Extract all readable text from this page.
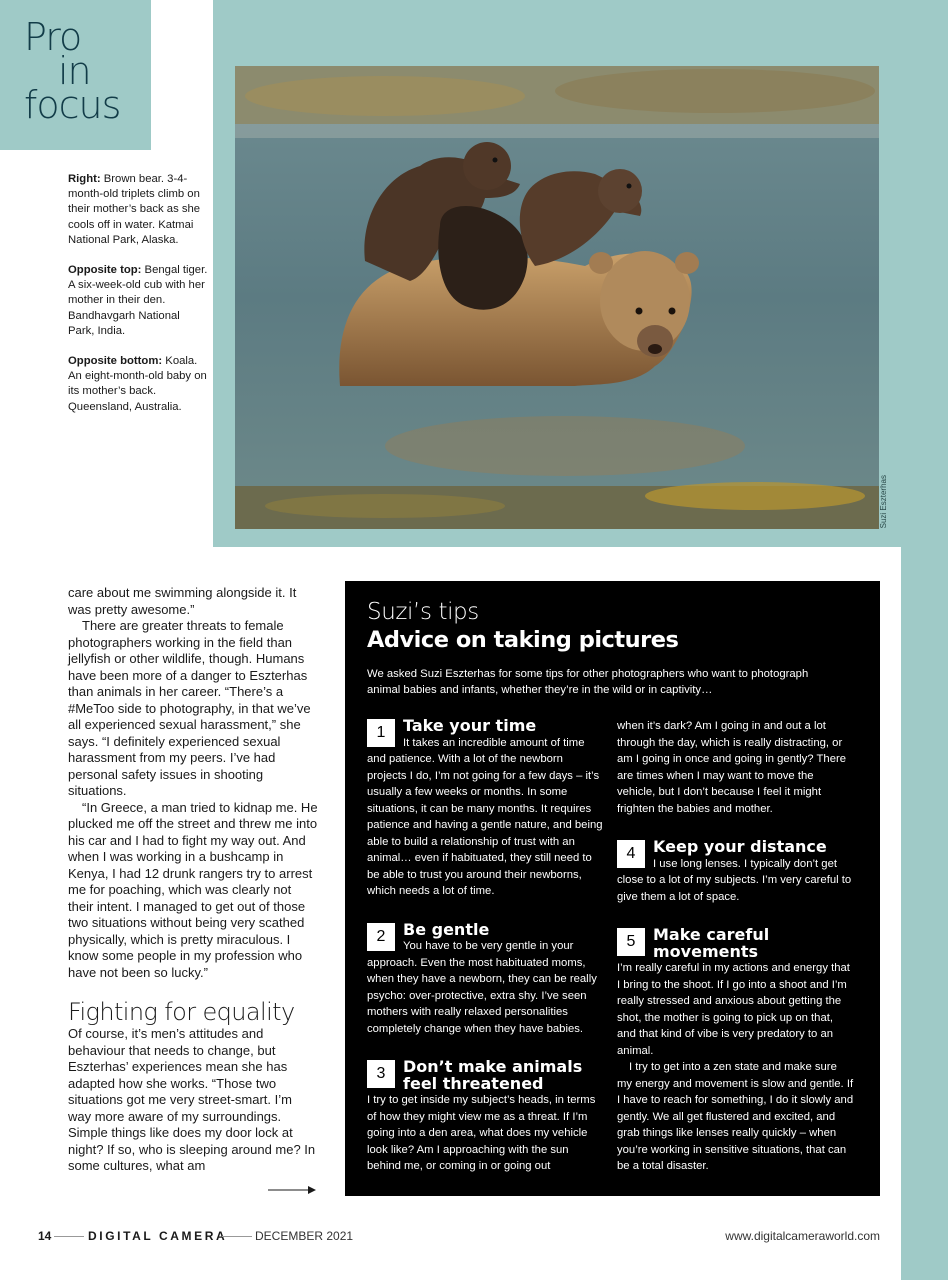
Pro
in
focus
Suzi Eszterhas

Right: Brown bear. 3-4-month-old triplets climb on their mother’s back as she cools off in water. Katmai National Park, Alaska.

Opposite top: Bengal tiger. A six-week-old cub with her mother in their den. Bandhavgarh National Park, India.

Opposite bottom: Koala. An eight-month-old baby on its mother’s back. Queensland, Australia.

care about me swimming alongside it. It was pretty awesome.”

There are greater threats to female photographers working in the field than jellyfish or other wildlife, though. Humans have been more of a danger to Eszterhas than animals in her career. “There’s a #MeToo side to photography, in that we’ve all experienced sexual harassment,” she says. “I definitely experienced sexual harassment from my peers. I’ve had personal safety issues in shooting situations.

“In Greece, a man tried to kidnap me. He plucked me off the street and threw me into his car and I had to fight my way out. And when I was working in a bushcamp in Kenya, I had 12 drunk rangers try to arrest me for poaching, which was clearly not their intent. I managed to get out of those two situations without being very scathed physically, which is pretty miraculous. I know some people in my profession who have not been so lucky.”

Fighting for equality

Of course, it’s men’s attitudes and behaviour that needs to change, but Eszterhas’ experiences mean she has adapted how she works. “Those two situations got me very street-smart. I’m way more aware of my surroundings. Simple things like does my door lock at night? If so, who is sleeping around me? In some cultures, what am

Suzi’s tips
Advice on taking pictures
We asked Suzi Eszterhas for some tips for other photographers who want to photograph animal babies and infants, whether they’re in the wild or in captivity…
1	Take your time
It takes an incredible amount of time and patience. With a lot of the newborn projects I do, I’m not going for a few days – it’s usually a few weeks or months. In some situations, it can be many months. It requires patience and having a gentle nature, and being able to build a relationship of trust with an animal… even if habituated, they still need to be able to trust you around their newborns, which needs a lot of time.
2	Be gentle
You have to be very gentle in your approach. Even the most habituated moms, when they have a newborn, they can be really psycho: over-protective, extra shy. I’ve seen mothers with really relaxed personalities completely change when they have babies.
3	Don’t make animals feel threatened
I try to get inside my subject’s heads, in terms of how they might view me as a threat. If I’m going into a den area, what does my vehicle look like? Am I approaching with the sun behind me, or coming in or going out
when it’s dark? Am I going in and out a lot through the day, which is really distracting, or am I going in once and going in gently? There are times when I may want to move the vehicle, but I don’t because I feel it might frighten the babies and mother.
4	Keep your distance
I use long lenses. I typically don’t get close to a lot of my subjects. I’m very careful to give them a lot of space.
5	Make careful movements
I’m really careful in my actions and energy that I bring to the shoot. If I go into a shoot and I’m really stressed and anxious about getting the shot, the mother is going to pick up on that, and that kind of vibe is very predatory to an animal.

I try to get into a zen state and make sure my energy and movement is slow and gentle. If I have to reach for something, I do it slowly and gently. We all get flustered and excited, and grab things like lenses really quickly – when you’re working in sensitive situations, that can be a total disaster.

14	DIGITAL CAMERA DECEMBER 2021	www.digitalcameraworld.com
